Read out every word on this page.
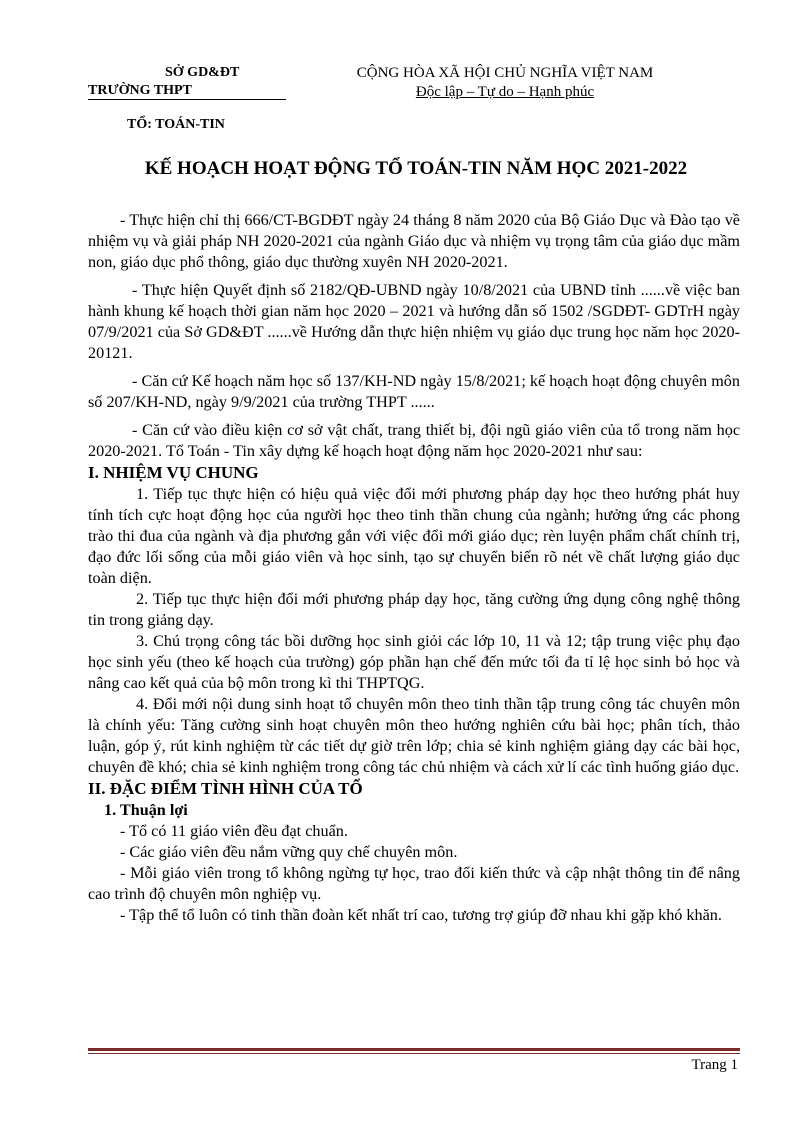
SỞ GD&ĐT
TRƯỜNG THPT
CỘNG HÒA XÃ HỘI CHỦ NGHĨA VIỆT NAM
Độc lập – Tự do – Hạnh phúc
TỔ: TOÁN-TIN
KẾ HOẠCH HOẠT ĐỘNG TỔ TOÁN-TIN NĂM HỌC 2021-2022

- Thực hiện chỉ thị 666/CT-BGDĐT ngày 24 tháng 8 năm 2020 của Bộ Giáo Dục và Đào tạo về nhiệm vụ và giải pháp NH 2020-2021 của ngành Giáo dục và nhiệm vụ trọng tâm của giáo dục mầm non, giáo dục phổ thông, giáo dục thường xuyên NH 2020-2021.

- Thực hiện Quyết định số 2182/QĐ-UBND ngày 10/8/2021 của UBND tỉnh ......về việc ban hành khung kế hoạch thời gian năm học 2020 – 2021 và hướng dẫn số 1502 /SGDĐT- GDTrH ngày 07/9/2021 của Sở GD&ĐT ......về Hướng dẫn thực hiện nhiệm vụ giáo dục trung học năm học 2020-20121.

- Căn cứ Kế hoạch năm học số 137/KH-ND ngày 15/8/2021; kế hoạch hoạt động chuyên môn số 207/KH-ND, ngày 9/9/2021 của trường THPT ......

- Căn cứ vào điều kiện cơ sở vật chất, trang thiết bị, đội ngũ giáo viên của tổ trong năm học 2020-2021. Tổ Toán - Tin xây dựng kế hoạch hoạt động năm học 2020-2021 như sau:

I. NHIỆM VỤ CHUNG

1. Tiếp tục thực hiện có hiệu quả việc đổi mới phương pháp dạy học theo hướng phát huy tính tích cực hoạt động học của người học theo tinh thần chung của ngành; hưởng ứng các phong trào thi đua của ngành và địa phương gắn với việc đổi mới giáo dục; rèn luyện phẩm chất chính trị, đạo đức lối sống của mỗi giáo viên và học sinh, tạo sự chuyển biến rõ nét về chất lượng giáo dục toàn diện.

2. Tiếp tục thực hiện đổi mới phương pháp dạy học, tăng cường ứng dụng công nghệ thông tin trong giảng dạy.

3. Chú trọng công tác bồi dưỡng học sinh giỏi các lớp 10, 11 và 12; tập trung việc phụ đạo học sinh yếu (theo kế hoạch của trường) góp phần hạn chế đến mức tối đa tỉ lệ học sinh bỏ học và nâng cao kết quả của bộ môn trong kì thi THPTQG.

4. Đổi mới nội dung sinh hoạt tổ chuyên môn theo tinh thần tập trung công tác chuyên môn là chính yếu: Tăng cường sinh hoạt chuyên môn theo hướng nghiên cứu bài học; phân tích, thảo luận, góp ý, rút kinh nghiệm từ các tiết dự giờ trên lớp; chia sẻ kinh nghiệm giảng dạy các bài học, chuyên đề khó; chia sẻ kinh nghiệm trong công tác chủ nhiệm và cách xử lí các tình huống giáo dục.

II. ĐẶC ĐIỂM TÌNH HÌNH CỦA TỔ

1. Thuận lợi

- Tổ có 11 giáo viên đều đạt chuẩn.

- Các giáo viên đều nắm vững quy chế chuyên môn.

- Mỗi giáo viên trong tổ không ngừng tự học, trao đổi kiến thức và cập nhật thông tin để nâng cao trình độ chuyên môn nghiệp vụ.

- Tập thể tổ luôn có tinh thần đoàn kết nhất trí cao, tương trợ giúp đỡ nhau khi gặp khó khăn.

Trang 1
